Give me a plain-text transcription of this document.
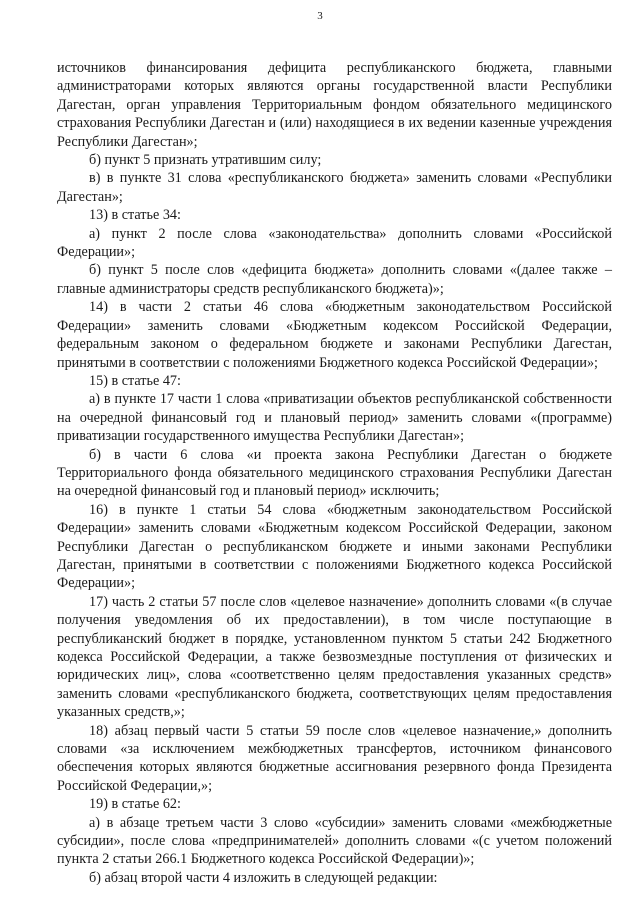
3

источников финансирования дефицита республиканского бюджета, главными администраторами которых являются органы государственной власти Республики Дагестан, орган управления Территориальным фондом обязательного медицинского страхования Республики Дагестан и (или) находящиеся в их ведении казенные учреждения Республики Дагестан»;

б) пункт 5 признать утратившим силу;

в) в пункте 31 слова «республиканского бюджета» заменить словами «Республики Дагестан»;

13) в статье 34:

а) пункт 2 после слова «законодательства» дополнить словами «Российской Федерации»;

б) пункт 5 после слов «дефицита бюджета» дополнить словами «(далее также – главные администраторы средств республиканского бюджета)»;

14) в части 2 статьи 46 слова «бюджетным законодательством Российской Федерации» заменить словами «Бюджетным кодексом Российской Федерации, федеральным законом о федеральном бюджете и законами Республики Дагестан, принятыми в соответствии с положениями Бюджетного кодекса Российской Федерации»;

15) в статье 47:

а) в пункте 17 части 1 слова «приватизации объектов республиканской собственности на очередной финансовый год и плановый период» заменить словами «(программе) приватизации государственного имущества Республики Дагестан»;

б) в части 6 слова «и проекта закона Республики Дагестан о бюджете Территориального фонда обязательного медицинского страхования Республики Дагестан на очередной финансовый год и плановый период» исключить;

16) в пункте 1 статьи 54 слова «бюджетным законодательством Российской Федерации» заменить словами «Бюджетным кодексом Российской Федерации, законом Республики Дагестан о республиканском бюджете и иными законами Республики Дагестан, принятыми в соответствии с положениями Бюджетного кодекса Российской Федерации»;

17) часть 2 статьи 57 после слов «целевое назначение» дополнить словами «(в случае получения уведомления об их предоставлении), в том числе поступающие в республиканский бюджет в порядке, установленном пунктом 5 статьи 242 Бюджетного кодекса Российской Федерации, а также безвозмездные поступления от физических и юридических лиц», слова «соответственно целям предоставления указанных средств» заменить словами «республиканского бюджета, соответствующих целям предоставления указанных средств,»;

18) абзац первый части 5 статьи 59 после слов «целевое назначение,» дополнить словами «за исключением межбюджетных трансфертов, источником финансового обеспечения которых являются бюджетные ассигнования резервного фонда Президента Российской Федерации,»;

19) в статье 62:

а) в абзаце третьем части 3 слово «субсидии» заменить словами «межбюджетные субсидии», после слова «предпринимателей» дополнить словами «(с учетом положений пункта 2 статьи 266.1 Бюджетного кодекса Российской Федерации)»;

б) абзац второй части 4 изложить в следующей редакции:
